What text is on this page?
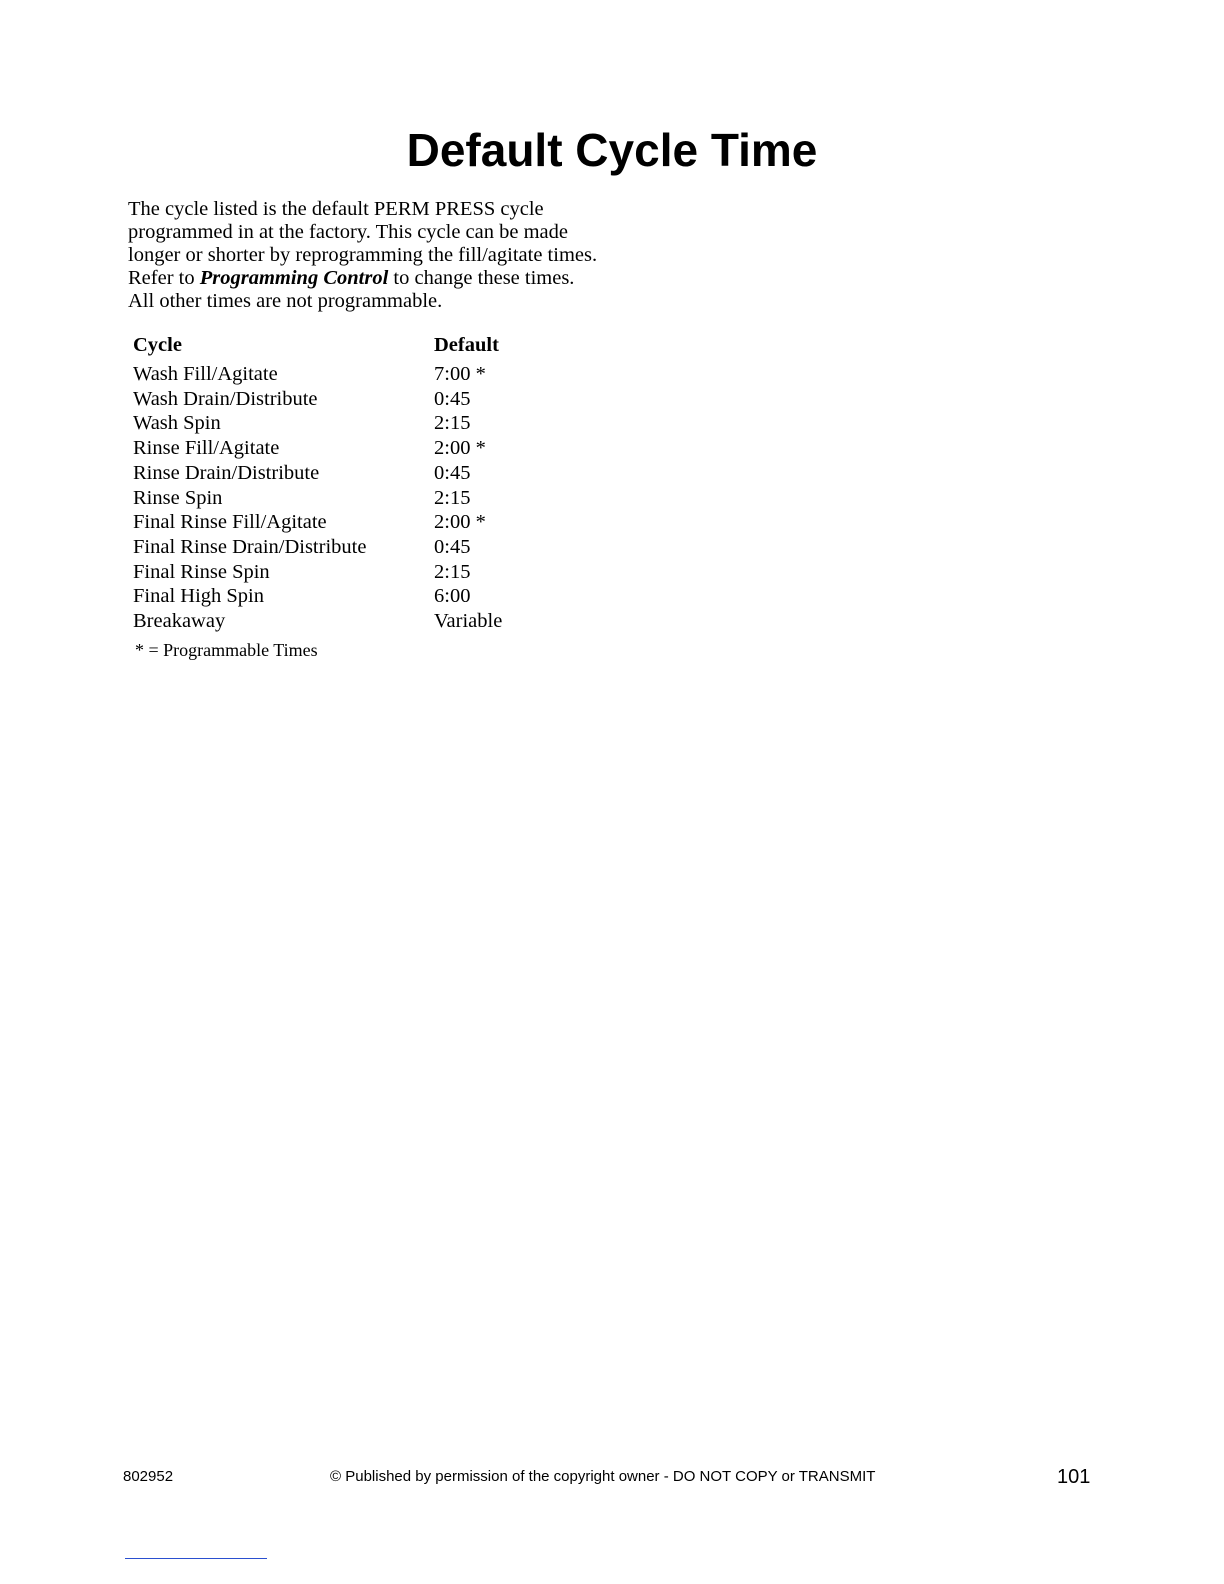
Default Cycle Time

The cycle listed is the default PERM PRESS cycle programmed in at the factory. This cycle can be made longer or shorter by reprogramming the fill/agitate times. Refer to Programming Control to change these times. All other times are not programmable.

Cycle	Default
Wash Fill/Agitate	7:00 *
Wash Drain/Distribute	0:45
Wash Spin	2:15
Rinse Fill/Agitate	2:00 *
Rinse Drain/Distribute	0:45
Rinse Spin	2:15
Final Rinse Fill/Agitate	2:00 *
Final Rinse Drain/Distribute	0:45
Final Rinse Spin	2:15
Final High Spin	6:00
Breakaway	Variable

* = Programmable Times

802952	© Published by permission of the copyright owner - DO NOT COPY or TRANSMIT	101
